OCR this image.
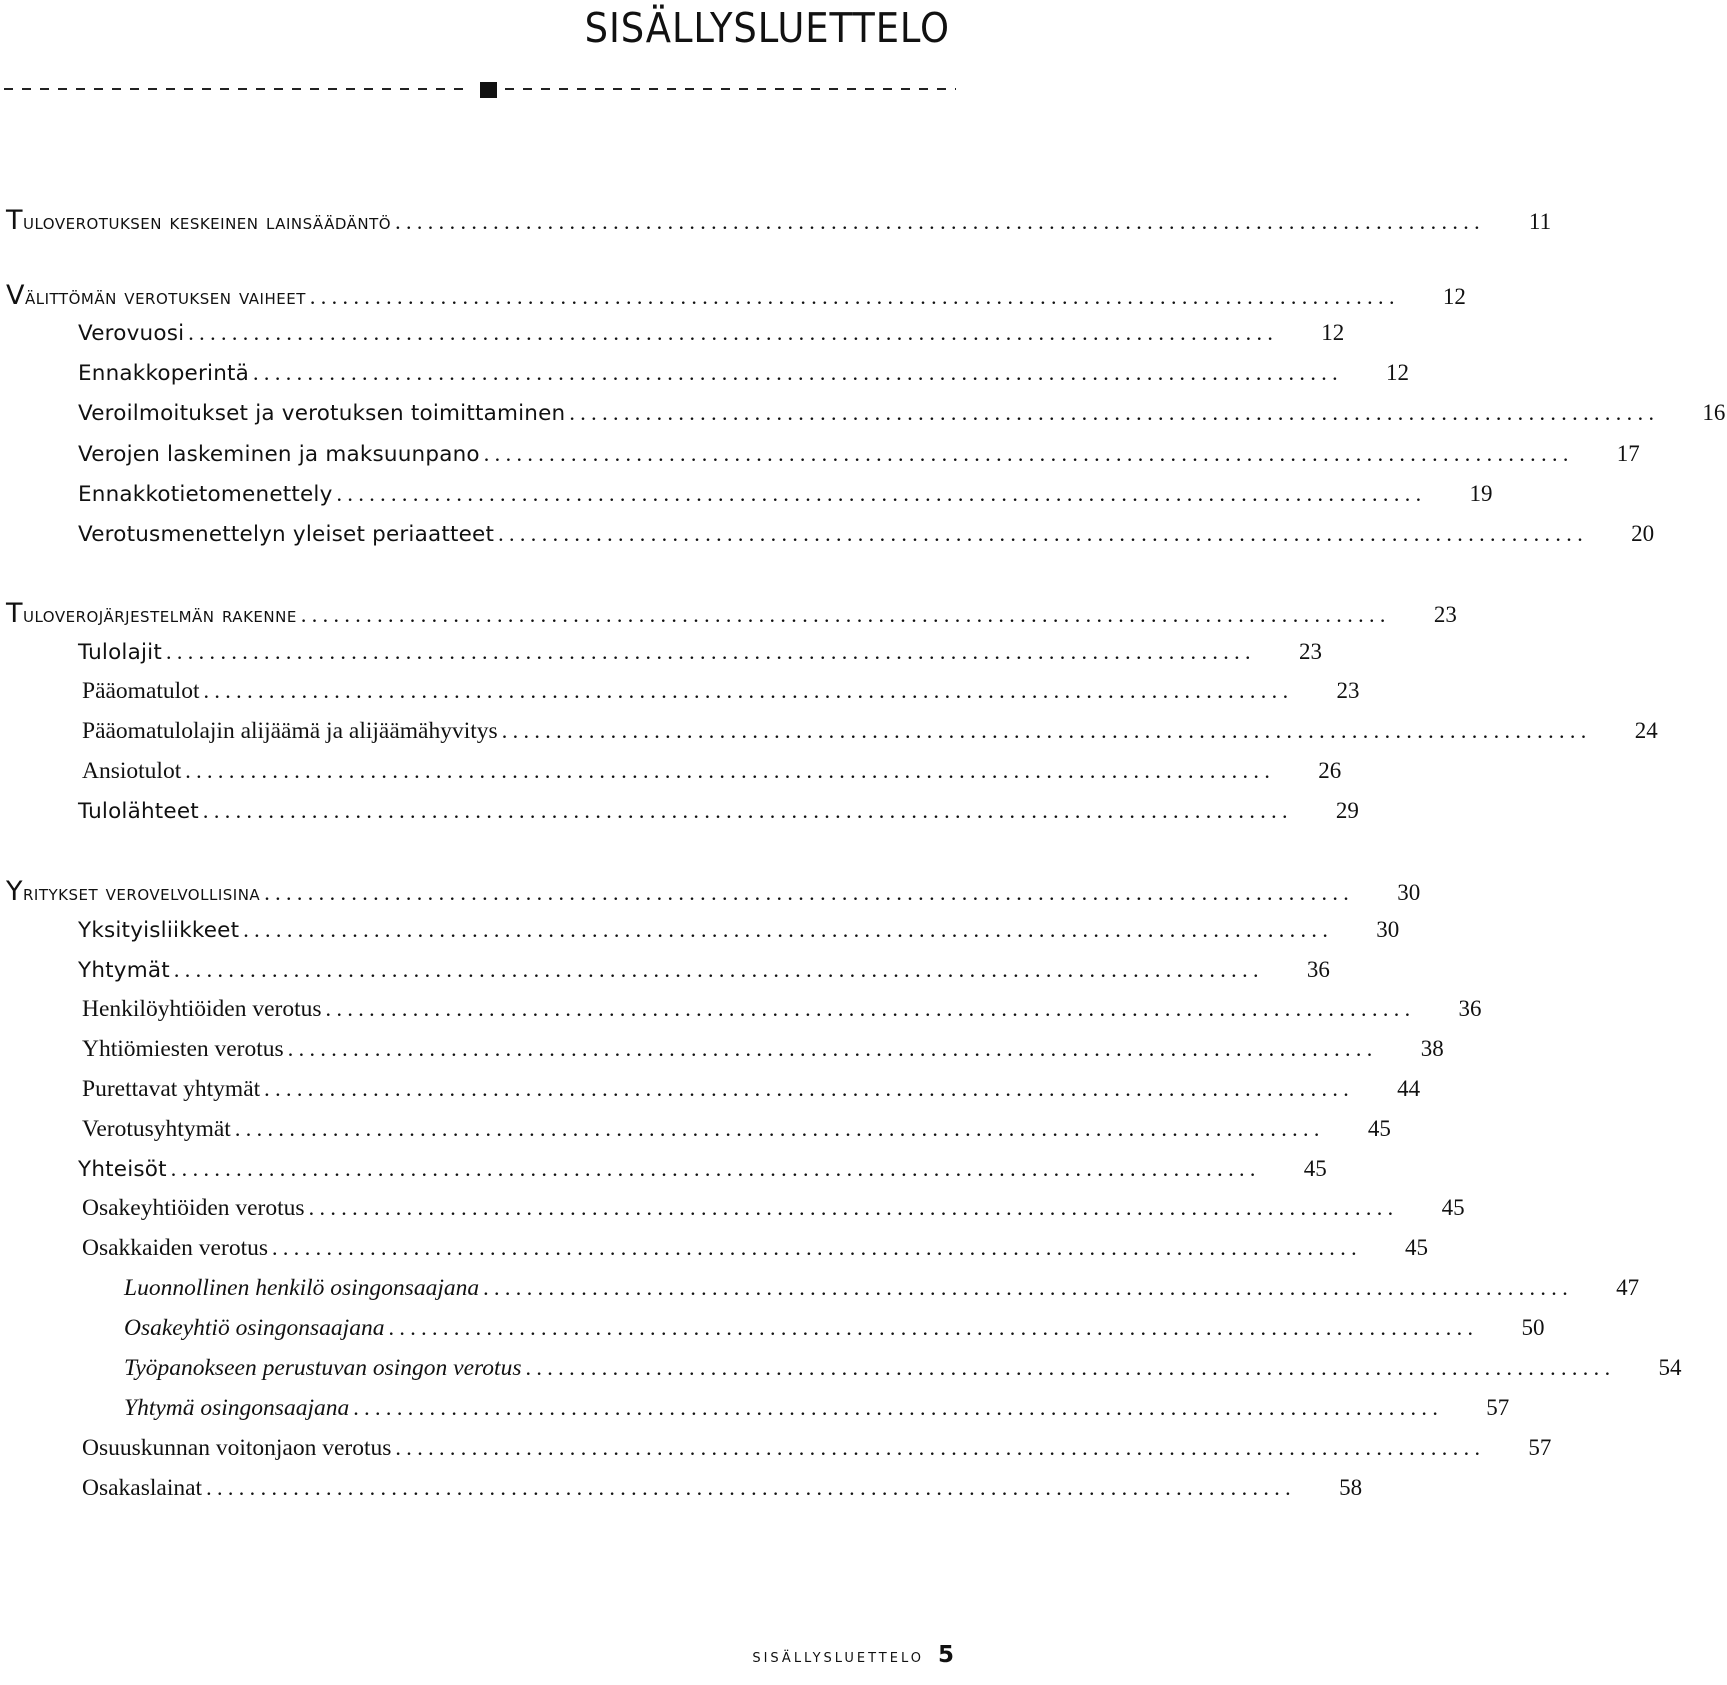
SISÄLLYSLUETTELO
Tuloverotuksen keskeinen lainsäädäntö ....................................................................................................	11
Välittömän verotuksen vaiheet ....................................................................................................	12
Verovuosi ....................................................................................................	12
Ennakkoperintä ....................................................................................................	12
Veroilmoitukset ja verotuksen toimittaminen ....................................................................................................	16
Verojen laskeminen ja maksuunpano ....................................................................................................	17
Ennakkotietomenettely ....................................................................................................	19
Verotusmenettelyn yleiset periaatteet ....................................................................................................	20
Tuloverojärjestelmän rakenne ....................................................................................................	23
Tulolajit ....................................................................................................	23
Pääomatulot ....................................................................................................	23
Pääomatulolajin alijäämä ja alijäämähyvitys ....................................................................................................	24
Ansiotulot ....................................................................................................	26
Tulolähteet ....................................................................................................	29
Yritykset verovelvollisina ....................................................................................................	30
Yksityisliikkeet ....................................................................................................	30
Yhtymät ....................................................................................................	36
Henkilöyhtiöiden verotus ....................................................................................................	36
Yhtiömiesten verotus ....................................................................................................	38
Purettavat yhtymät ....................................................................................................	44
Verotusyhtymät ....................................................................................................	45
Yhteisöt ....................................................................................................	45
Osakeyhtiöiden verotus ....................................................................................................	45
Osakkaiden verotus ....................................................................................................	45
Luonnollinen henkilö osingonsaajana ....................................................................................................	47
Osakeyhtiö osingonsaajana ....................................................................................................	50
Työpanokseen perustuvan osingon verotus ....................................................................................................	54
Yhtymä osingonsaajana ....................................................................................................	57
Osuuskunnan voitonjaon verotus ....................................................................................................	57
Osakaslainat ....................................................................................................	58
SISÄLLYSLUETTELO 5
